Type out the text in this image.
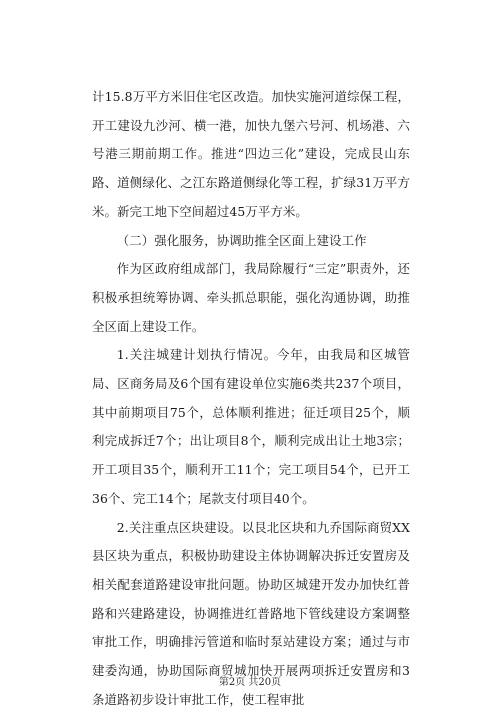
计15.8万平方米旧住宅区改造。加快实施河道综保工程，开工建设九沙河、横一港，加快九堡六号河、机场港、六号港三期前期工作。推进“四边三化”建设，完成艮山东路、道侧绿化、之江东路道侧绿化等工程，扩绿31万平方米。新完工地下空间超过45万平方米。

（二）强化服务，协调助推全区面上建设工作

作为区政府组成部门，我局除履行“三定”职责外，还积极承担统筹协调、牵头抓总职能，强化沟通协调，助推全区面上建设工作。

1.关注城建计划执行情况。今年，由我局和区城管局、区商务局及6个国有建设单位实施6类共237个项目，其中前期项目75个，总体顺利推进；征迁项目25个，顺利完成拆迁7个；出让项目8个，顺利完成出让土地3宗；开工项目35个，顺利开工11个；完工项目54个，已开工36个、完工14个；尾款支付项目40个。

2.关注重点区块建设。以艮北区块和九乔国际商贸XX县区块为重点，积极协助建设主体协调解决拆迁安置房及相关配套道路建设审批问题。协助区城建开发办加快红普路和兴建路建设，协调推进红普路地下管线建设方案调整审批工作，明确排污管道和临时泵站建设方案；通过与市建委沟通，协助国际商贸城加快开展两项拆迁安置房和3条道路初步设计审批工作，使工程审批

第2页 共20页
